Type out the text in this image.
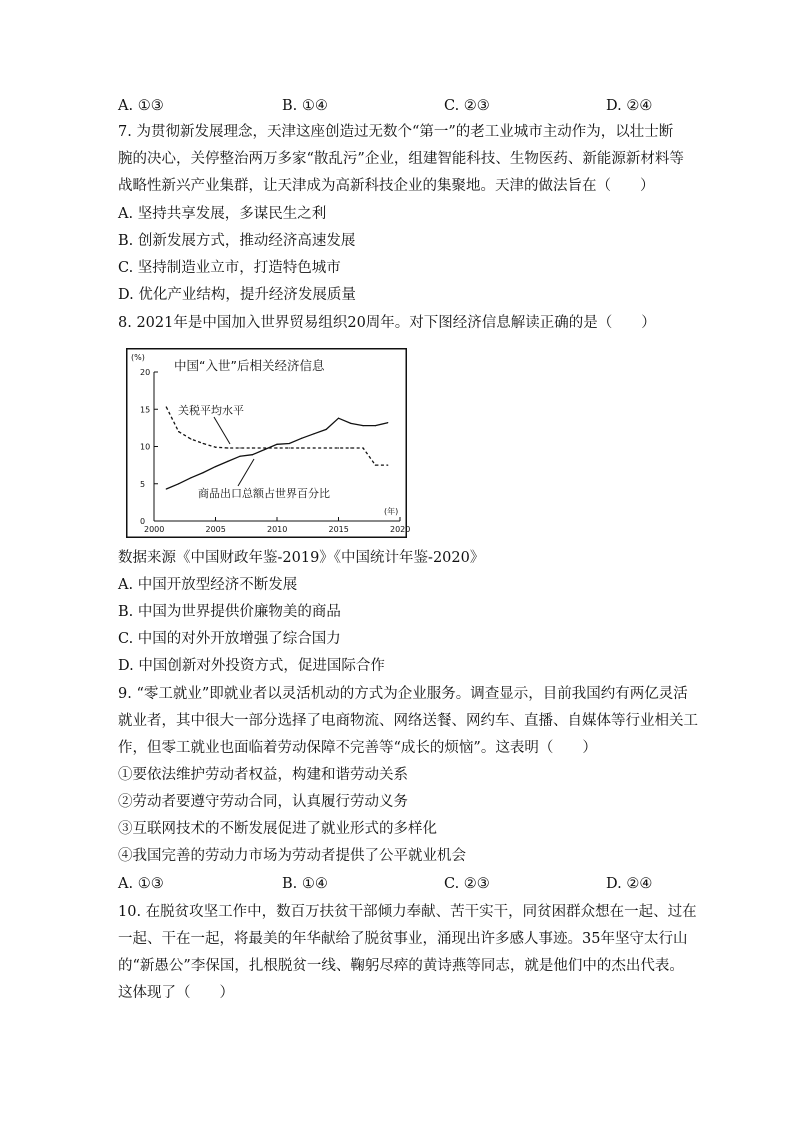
A. ①③	B. ①④	C. ②③	D. ②④
7. 为贯彻新发展理念，天津这座创造过无数个“第一”的老工业城市主动作为，以壮士断
腕的决心，关停整治两万多家“散乱污”企业，组建智能科技、生物医药、新能源新材料等
战略性新兴产业集群，让天津成为高新科技企业的集聚地。天津的做法旨在（　　）
A. 坚持共享发展，多谋民生之利
B. 创新发展方式，推动经济高速发展
C. 坚持制造业立市，打造特色城市
D. 优化产业结构，提升经济发展质量
8. 2021年是中国加入世界贸易组织20周年。对下图经济信息解读正确的是（　　）
中国“入世”后相关经济信息
(%)
(年)
0
5
10
15
20
2000	2005	2010	2015	2020
关税平均水平
商品出口总额占世界百分比
数据来源《中国财政年鉴-2019》《中国统计年鉴-2020》
A. 中国开放型经济不断发展
B. 中国为世界提供价廉物美的商品
C. 中国的对外开放增强了综合国力
D. 中国创新对外投资方式，促进国际合作
9. “零工就业”即就业者以灵活机动的方式为企业服务。调查显示，目前我国约有两亿灵活
就业者，其中很大一部分选择了电商物流、网络送餐、网约车、直播、自媒体等行业相关工
作，但零工就业也面临着劳动保障不完善等“成长的烦恼”。这表明（　　）
①要依法维护劳动者权益，构建和谐劳动关系
②劳动者要遵守劳动合同，认真履行劳动义务
③互联网技术的不断发展促进了就业形式的多样化
④我国完善的劳动力市场为劳动者提供了公平就业机会
A. ①③	B. ①④	C. ②③	D. ②④
10. 在脱贫攻坚工作中，数百万扶贫干部倾力奉献、苦干实干，同贫困群众想在一起、过在
一起、干在一起，将最美的年华献给了脱贫事业，涌现出许多感人事迹。35年坚守太行山
的“新愚公”李保国，扎根脱贫一线、鞠躬尽瘁的黄诗燕等同志，就是他们中的杰出代表。
这体现了（　　）
